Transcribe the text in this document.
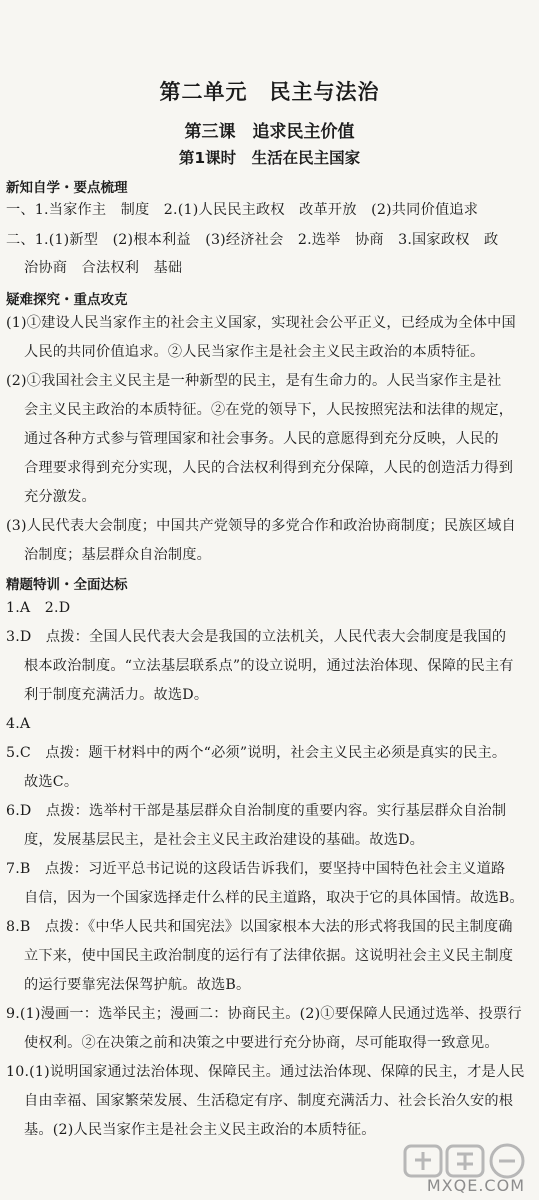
第二单元　民主与法治
第三课　追求民主价值
第1课时　生活在民主国家
新知自学・要点梳理
一、1.当家作主　制度　2.(1)人民民主政权　改革开放　(2)共同价值追求
二、1.(1)新型　(2)根本利益　(3)经济社会　2.选举　协商　3.国家政权　政
治协商　合法权利　基础
疑难探究・重点攻克
(1)①建设人民当家作主的社会主义国家，实现社会公平正义，已经成为全体中国
人民的共同价值追求。②人民当家作主是社会主义民主政治的本质特征。
(2)①我国社会主义民主是一种新型的民主，是有生命力的。人民当家作主是社
会主义民主政治的本质特征。②在党的领导下，人民按照宪法和法律的规定，
通过各种方式参与管理国家和社会事务。人民的意愿得到充分反映，人民的
合理要求得到充分实现，人民的合法权利得到充分保障，人民的创造活力得到
充分激发。
(3)人民代表大会制度；中国共产党领导的多党合作和政治协商制度；民族区域自
治制度；基层群众自治制度。
精题特训・全面达标
1.A　2.D
3.D　点拨：全国人民代表大会是我国的立法机关，人民代表大会制度是我国的
根本政治制度。“立法基层联系点”的设立说明，通过法治体现、保障的民主有
利于制度充满活力。故选D。
4.A
5.C　点拨：题干材料中的两个“必须”说明，社会主义民主必须是真实的民主。
故选C。
6.D　点拨：选举村干部是基层群众自治制度的重要内容。实行基层群众自治制
度，发展基层民主，是社会主义民主政治建设的基础。故选D。
7.B　点拨：习近平总书记说的这段话告诉我们，要坚持中国特色社会主义道路
自信，因为一个国家选择走什么样的民主道路，取决于它的具体国情。故选B。
8.B　点拨：《中华人民共和国宪法》以国家根本大法的形式将我国的民主制度确
立下来，使中国民主政治制度的运行有了法律依据。这说明社会主义民主制度
的运行要靠宪法保驾护航。故选B。
9.(1)漫画一：选举民主；漫画二：协商民主。(2)①要保障人民通过选举、投票行
使权利。②在决策之前和决策之中要进行充分协商，尽可能取得一致意见。
10.(1)说明国家通过法治体现、保障民主。通过法治体现、保障的民主，才是人民
自由幸福、国家繁荣发展、生活稳定有序、制度充满活力、社会长治久安的根
基。(2)人民当家作主是社会主义民主政治的本质特征。
MXQE.COM
